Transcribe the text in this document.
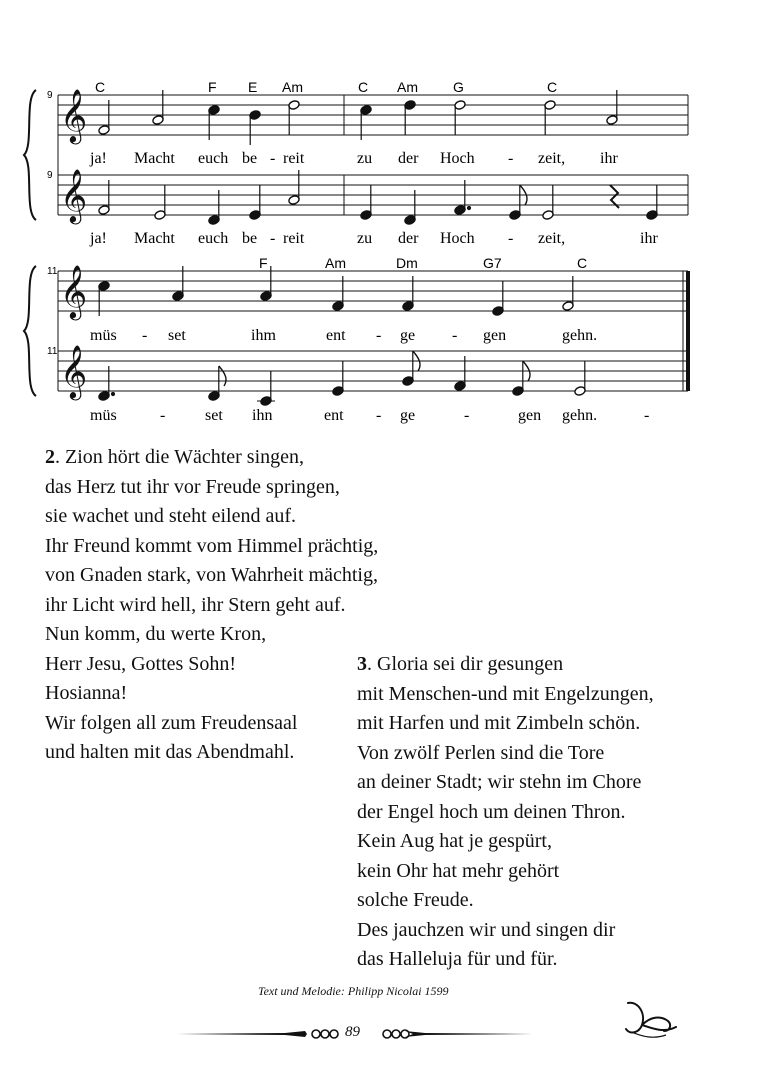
𝄞
𝄞
𝄞
𝄞
9
9
C	F E Am	C Am	G	C
ja! Macht euch be - reit	zu der Hoch - zeit, ihr
ja! Macht euch be - reit	zu der Hoch - zeit,	ihr
11
11
F	Am	Dm	G7	C
müs - set	ihm	ent - ge - gen	gehn.
müs	- set ihn	ent - ge	-	gen gehn.	-
2. Zion hört die Wächter singen,
das Herz tut ihr vor Freude springen,
sie wachet und steht eilend auf.
Ihr Freund kommt vom Himmel prächtig,
von Gnaden stark, von Wahrheit mächtig,
ihr Licht wird hell, ihr Stern geht auf.
Nun komm, du werte Kron,
Herr Jesu, Gottes Sohn!
Hosianna!
Wir folgen all zum Freudensaal
und halten mit das Abendmahl.
3. Gloria sei dir gesungen
mit Menschen-und mit Engelzungen,
mit Harfen und mit Zimbeln schön.
Von zwölf Perlen sind die Tore
an deiner Stadt; wir stehn im Chore
der Engel hoch um deinen Thron.
Kein Aug hat je gespürt,
kein Ohr hat mehr gehört
solche Freude.
Des jauchzen wir und singen dir
das Halleluja für und für.
Text und Melodie: Philipp Nicolai 1599
89
